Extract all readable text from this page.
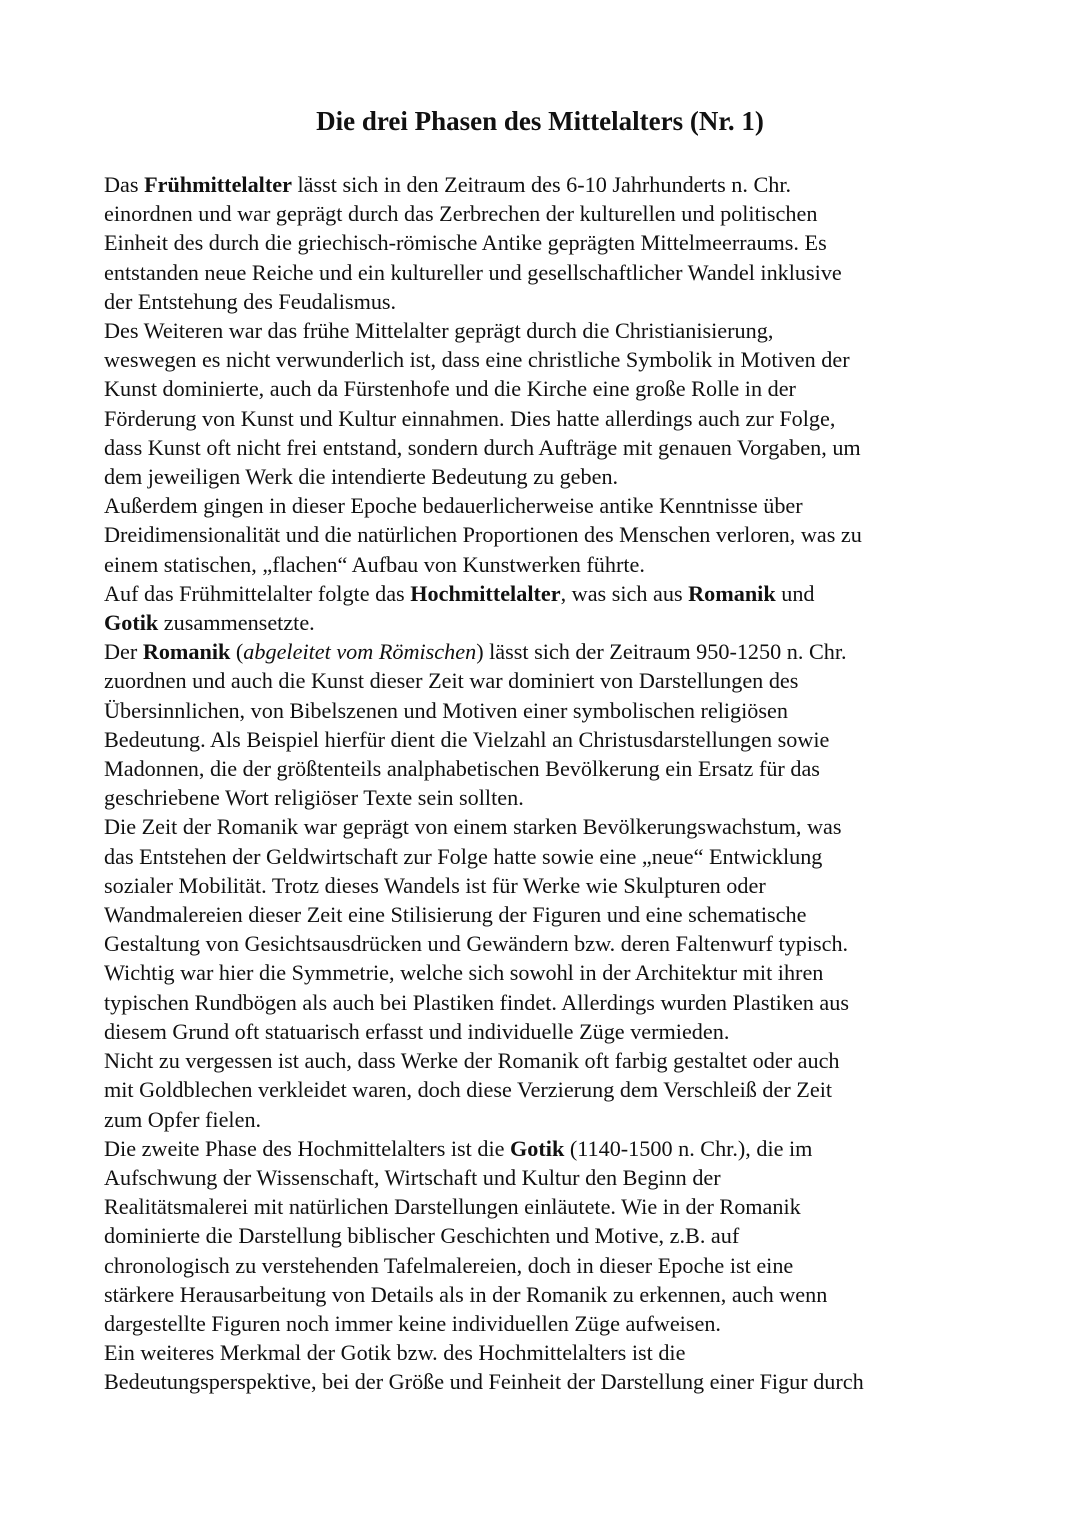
Die drei Phasen des Mittelalters (Nr. 1)
Das Frühmittelalter lässt sich in den Zeitraum des 6-10 Jahrhunderts n. Chr.
einordnen und war geprägt durch das Zerbrechen der kulturellen und politischen
Einheit des durch die griechisch-römische Antike geprägten Mittelmeerraums. Es
entstanden neue Reiche und ein kultureller und gesellschaftlicher Wandel inklusive
der Entstehung des Feudalismus.
Des Weiteren war das frühe Mittelalter geprägt durch die Christianisierung,
weswegen es nicht verwunderlich ist, dass eine christliche Symbolik in Motiven der
Kunst dominierte, auch da Fürstenhofe und die Kirche eine große Rolle in der
Förderung von Kunst und Kultur einnahmen. Dies hatte allerdings auch zur Folge,
dass Kunst oft nicht frei entstand, sondern durch Aufträge mit genauen Vorgaben, um
dem jeweiligen Werk die intendierte Bedeutung zu geben.
Außerdem gingen in dieser Epoche bedauerlicherweise antike Kenntnisse über
Dreidimensionalität und die natürlichen Proportionen des Menschen verloren, was zu
einem statischen, „flachen“ Aufbau von Kunstwerken führte.
Auf das Frühmittelalter folgte das Hochmittelalter, was sich aus Romanik und
Gotik zusammensetzte.
Der Romanik (abgeleitet vom Römischen) lässt sich der Zeitraum 950-1250 n. Chr.
zuordnen und auch die Kunst dieser Zeit war dominiert von Darstellungen des
Übersinnlichen, von Bibelszenen und Motiven einer symbolischen religiösen
Bedeutung. Als Beispiel hierfür dient die Vielzahl an Christusdarstellungen sowie
Madonnen, die der größtenteils analphabetischen Bevölkerung ein Ersatz für das
geschriebene Wort religiöser Texte sein sollten.
Die Zeit der Romanik war geprägt von einem starken Bevölkerungswachstum, was
das Entstehen der Geldwirtschaft zur Folge hatte sowie eine „neue“ Entwicklung
sozialer Mobilität. Trotz dieses Wandels ist für Werke wie Skulpturen oder
Wandmalereien dieser Zeit eine Stilisierung der Figuren und eine schematische
Gestaltung von Gesichtsausdrücken und Gewändern bzw. deren Faltenwurf typisch.
Wichtig war hier die Symmetrie, welche sich sowohl in der Architektur mit ihren
typischen Rundbögen als auch bei Plastiken findet. Allerdings wurden Plastiken aus
diesem Grund oft statuarisch erfasst und individuelle Züge vermieden.
Nicht zu vergessen ist auch, dass Werke der Romanik oft farbig gestaltet oder auch
mit Goldblechen verkleidet waren, doch diese Verzierung dem Verschleiß der Zeit
zum Opfer fielen.
Die zweite Phase des Hochmittelalters ist die Gotik (1140-1500 n. Chr.), die im
Aufschwung der Wissenschaft, Wirtschaft und Kultur den Beginn der
Realitätsmalerei mit natürlichen Darstellungen einläutete. Wie in der Romanik
dominierte die Darstellung biblischer Geschichten und Motive, z.B. auf
chronologisch zu verstehenden Tafelmalereien, doch in dieser Epoche ist eine
stärkere Herausarbeitung von Details als in der Romanik zu erkennen, auch wenn
dargestellte Figuren noch immer keine individuellen Züge aufweisen.
Ein weiteres Merkmal der Gotik bzw. des Hochmittelalters ist die
Bedeutungsperspektive, bei der Größe und Feinheit der Darstellung einer Figur durch
